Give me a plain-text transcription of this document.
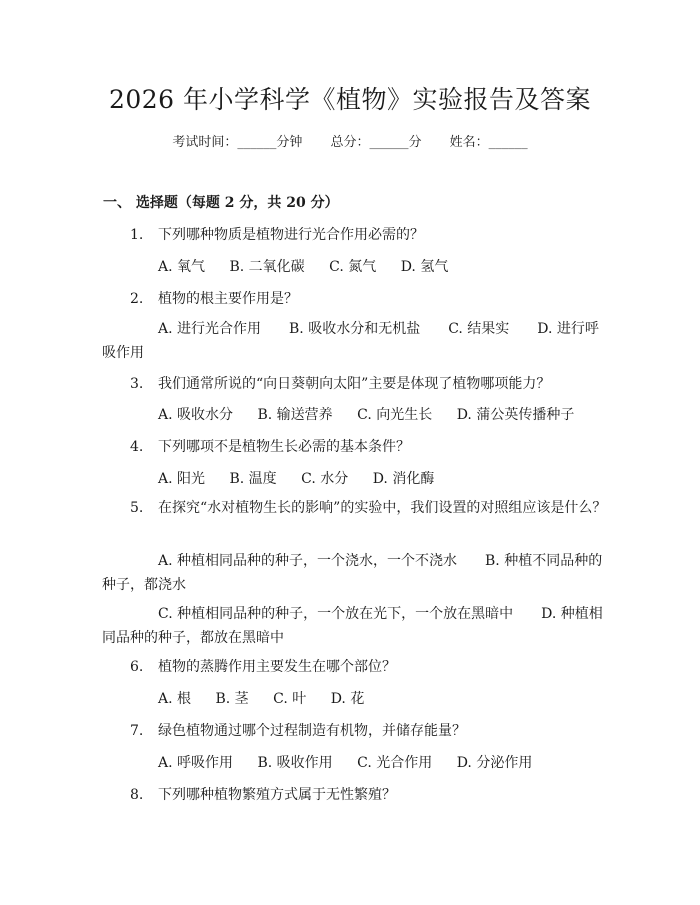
2026 年小学科学《植物》实验报告及答案
考试时间：______分钟 总分：______分 姓名：______
一、 选择题（每题 2 分，共 20 分）
1. 下列哪种物质是植物进行光合作用必需的？
A. 氧气 B. 二氧化碳 C. 氮气 D. 氢气
2. 植物的根主要作用是？
A. 进行光合作用　　B. 吸收水分和无机盐　　C. 结果实　　D. 进行呼吸作用
3. 我们通常所说的“向日葵朝向太阳”主要是体现了植物哪项能力？
A. 吸收水分 B. 输送营养 C. 向光生长 D. 蒲公英传播种子
4. 下列哪项不是植物生长必需的基本条件？
A. 阳光 B. 温度 C. 水分 D. 消化酶
5. 在探究“水对植物生长的影响”的实验中，我们设置的对照组应该是什么？
A. 种植相同品种的种子，一个浇水，一个不浇水　　B. 种植不同品种的种子，都浇水
C. 种植相同品种的种子，一个放在光下，一个放在黑暗中　　D. 种植相同品种的种子，都放在黑暗中
6. 植物的蒸腾作用主要发生在哪个部位？
A. 根 B. 茎 C. 叶 D. 花
7. 绿色植物通过哪个过程制造有机物，并储存能量？
A. 呼吸作用 B. 吸收作用 C. 光合作用 D. 分泌作用
8. 下列哪种植物繁殖方式属于无性繁殖？
